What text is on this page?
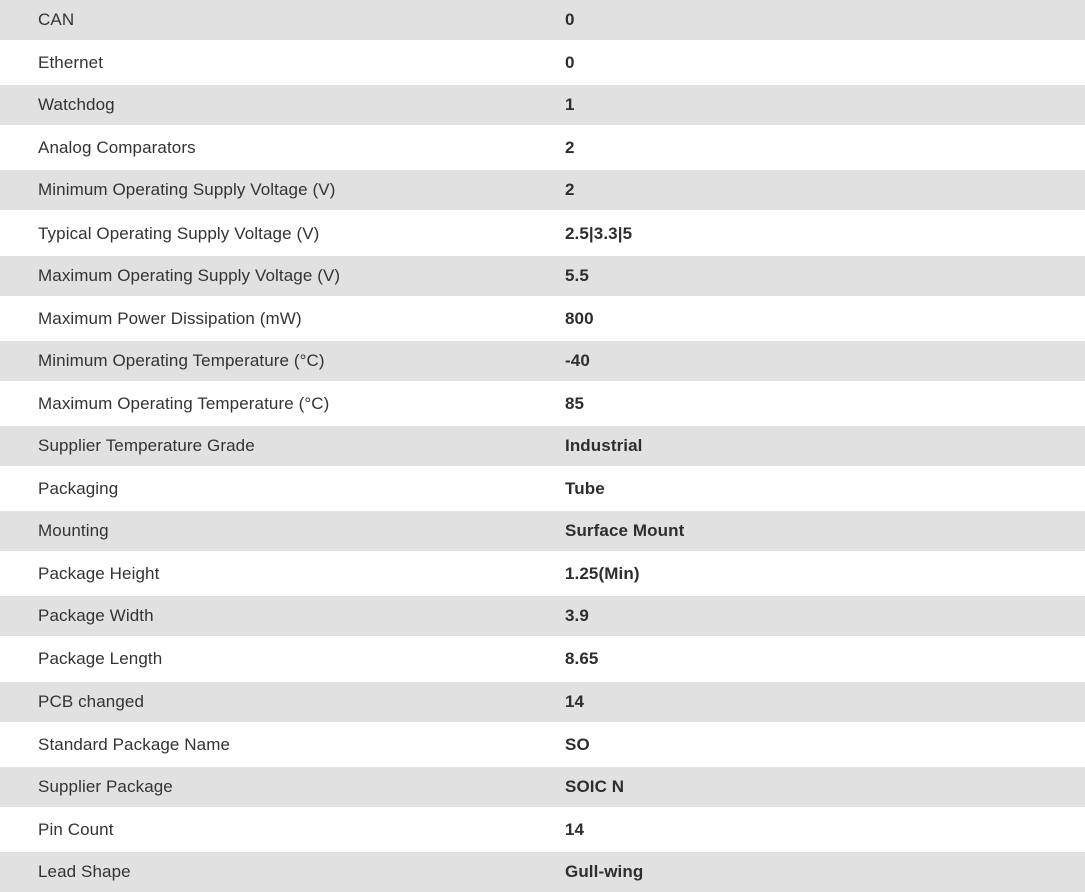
CAN	0
Ethernet	0
Watchdog	1
Analog Comparators	2
Minimum Operating Supply Voltage (V)	2
Typical Operating Supply Voltage (V)	2.5|3.3|5
Maximum Operating Supply Voltage (V)	5.5
Maximum Power Dissipation (mW)	800
Minimum Operating Temperature (°C)	-40
Maximum Operating Temperature (°C)	85
Supplier Temperature Grade	Industrial
Packaging	Tube
Mounting	Surface Mount
Package Height	1.25(Min)
Package Width	3.9
Package Length	8.65
PCB changed	14
Standard Package Name	SO
Supplier Package	SOIC N
Pin Count	14
Lead Shape	Gull-wing
